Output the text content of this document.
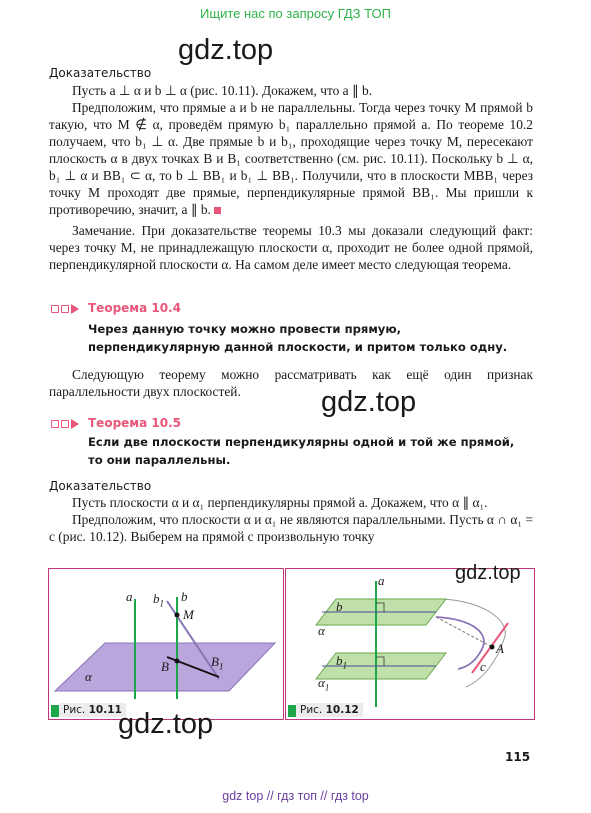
Ищите нас по запросу ГДЗ ТОП
gdz.top
Доказательство

Пусть a ⊥ α и b ⊥ α (рис. 10.11). Докажем, что a ∥ b.

Предположим, что прямые a и b не параллельны. Тогда через точку M прямой b такую, что M ∉ α, проведём прямую b₁ параллельно прямой a. По теореме 10.2 получаем, что b₁ ⊥ α. Две прямые b и b₁, проходящие через точку M, пересекают плоскость α в двух точках B и B₁ соответственно (см. рис. 10.11). Поскольку b ⊥ α, b₁ ⊥ α и BB₁ ⊂ α, то b ⊥ BB₁ и b₁ ⊥ BB₁. Получили, что в плоскости MBB₁ через точку M проходят две прямые, перпендикулярные прямой BB₁. Мы пришли к противоречию, значит, a ∥ b.

Замечание. При доказательстве теоремы 10.3 мы доказали следующий факт: через точку M, не принадлежащую плоскости α, проходит не более одной прямой, перпендикулярной плоскости α. На самом деле имеет место следующая теорема.

Теорема 10.4
Через данную точку можно провести прямую, перпендикулярную данной плоскости, и притом только одну.

Следующую теорему можно рассматривать как ещё один признак параллельности двух плоскостей.	gdz.top
Теорема 10.5
Если две плоскости перпендикулярны одной и той же прямой, то они параллельны.
Доказательство

Пусть плоскости α и α₁ перпендикулярны прямой a. Докажем, что α ∥ α₁.

Предположим, что плоскости α и α₁ не являются параллельными. Пусть α ∩ α₁ = c (рис. 10.12). Выберем на прямой c произвольную точку

a $b_1$ b
M
B	$B_1$
α
Рис. 10.11
a
b
α
$b_1$
$\alpha_1$
A
c
Рис. 10.12
gdz.top
gdz.top
115
gdz top // гдз топ // гдз top
